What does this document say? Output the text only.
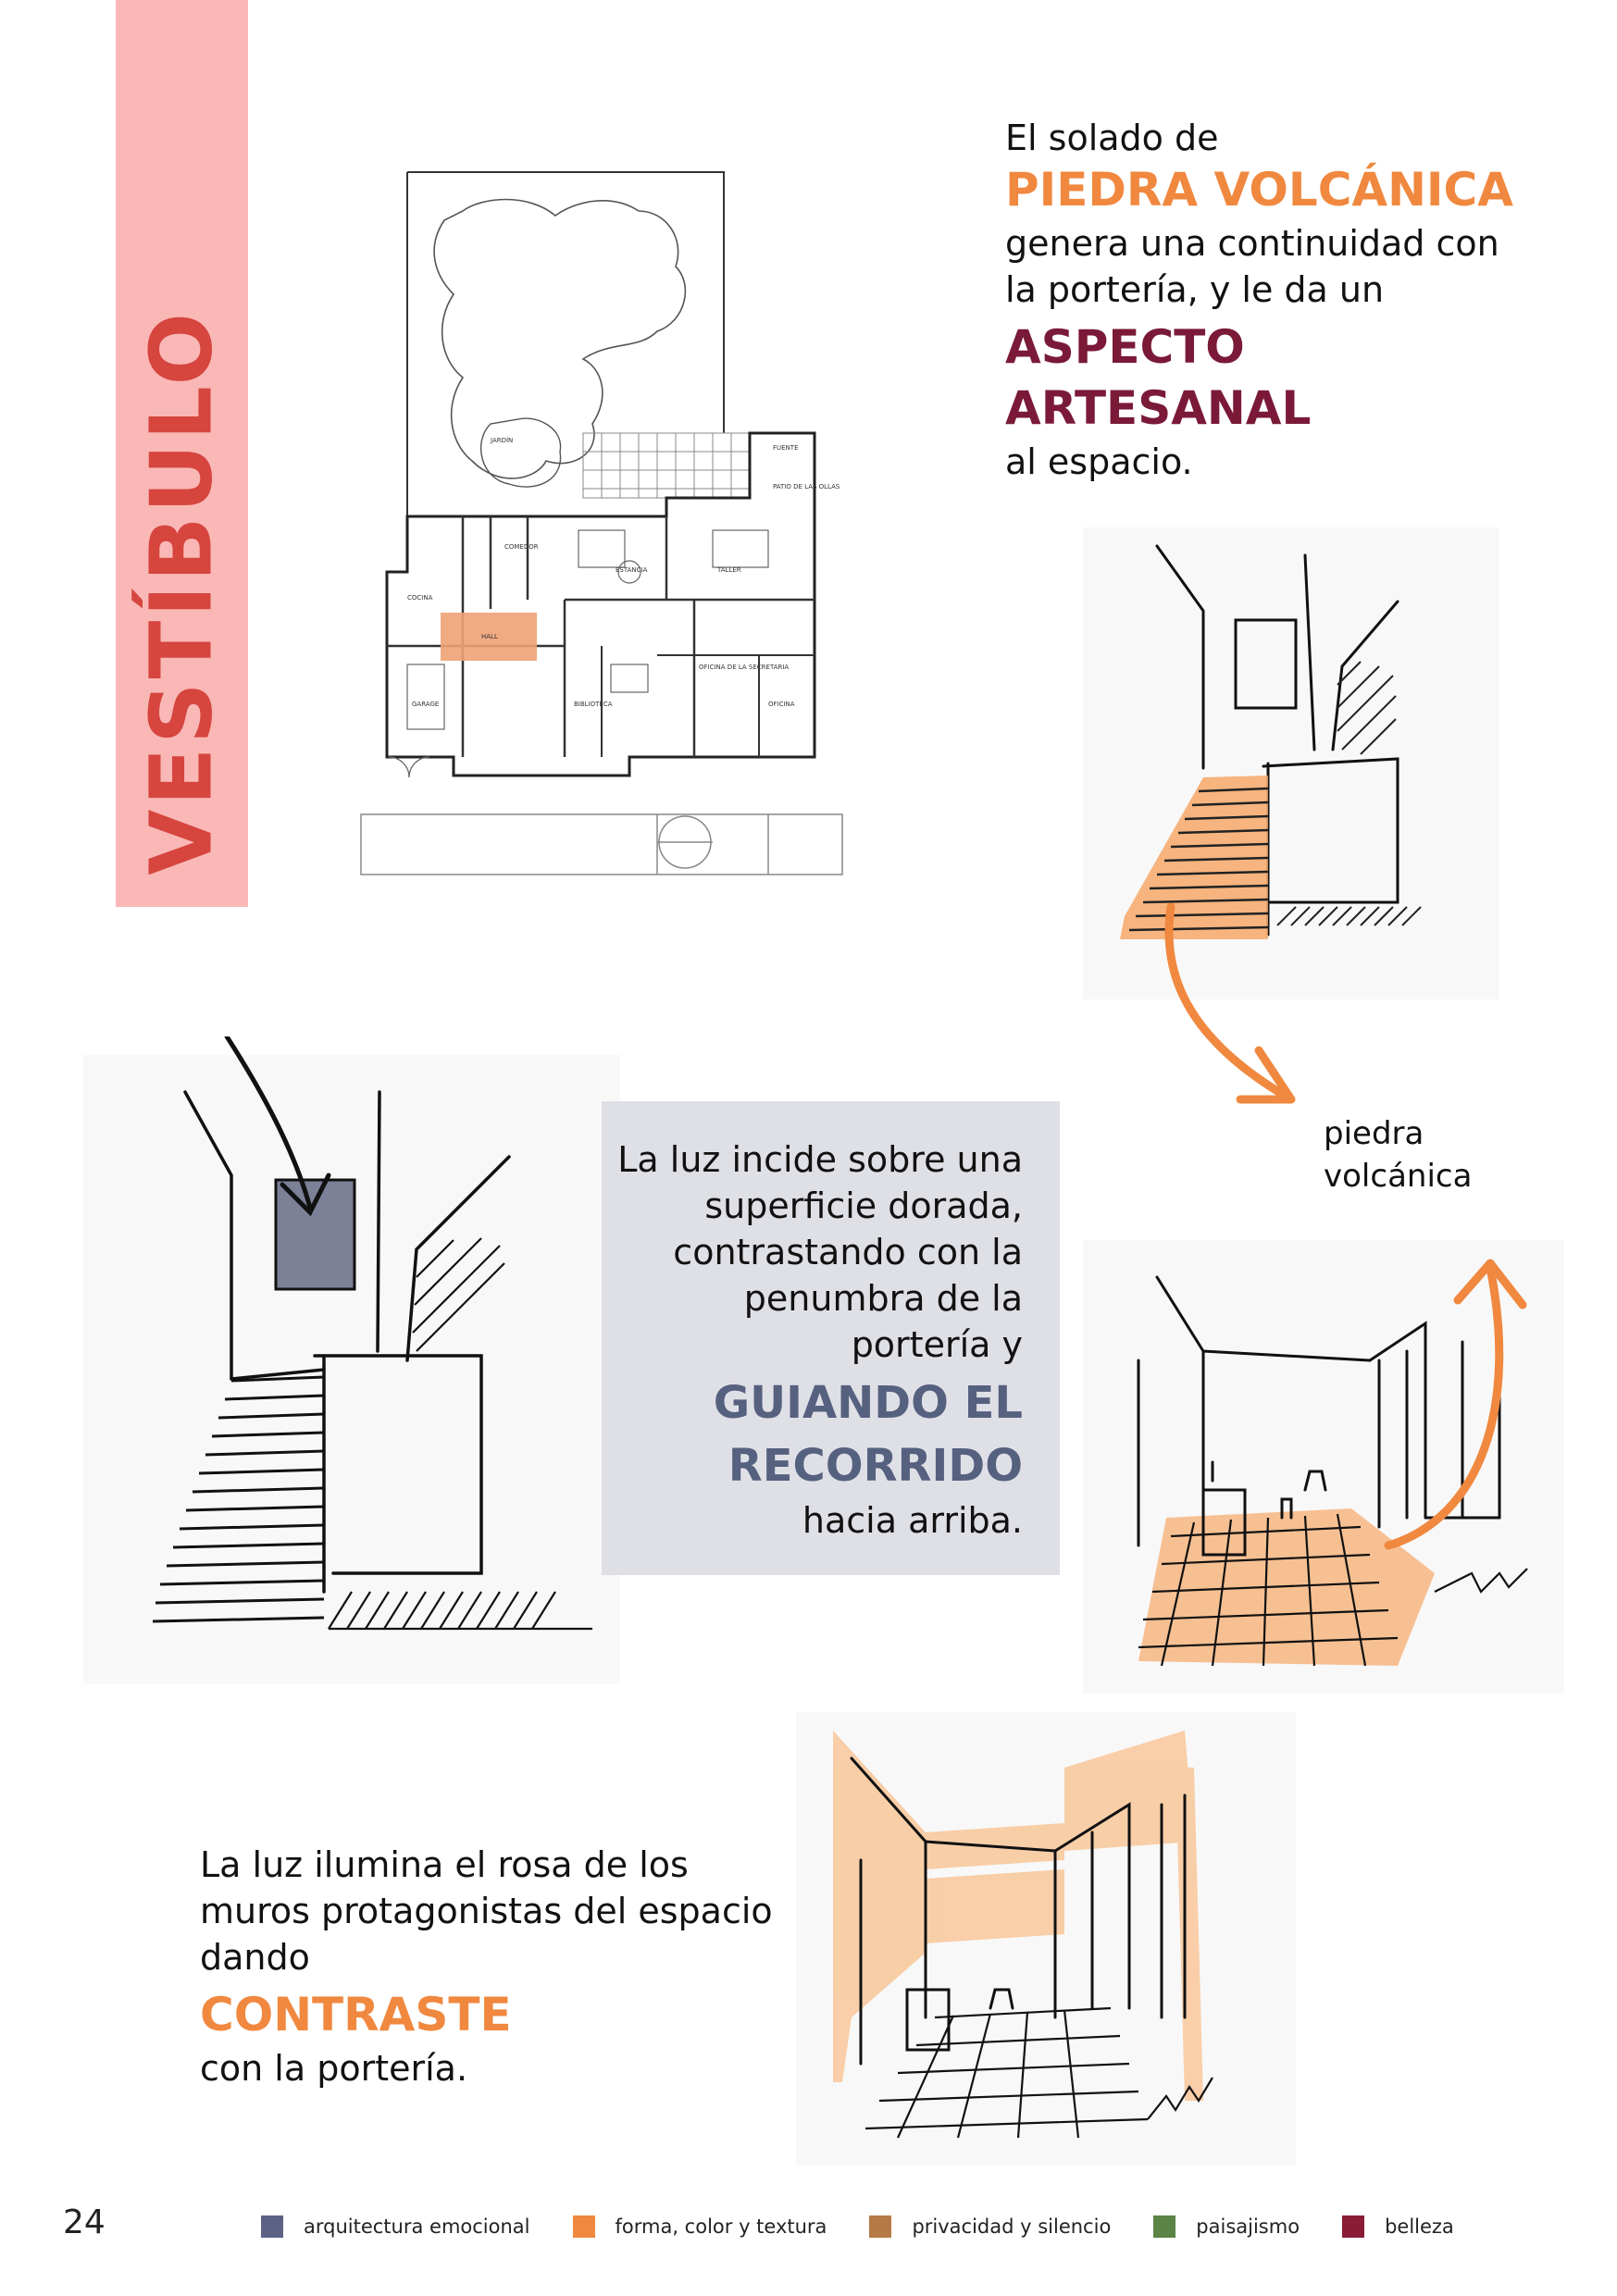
VESTÍBULO	JARDÍN
FUENTE
PATIO DE LAS OLLAS
COMEDOR
ESTANCIA	TALLER
COCINA
HALL
GARAGE	BIBLIOTECA
OFICINA DE LA SECRETARIA
OFICINA
El solado de
PIEDRA VOLCÁNICA
genera una continuidad con
la portería, y le da un
ASPECTO
ARTESANAL
al espacio.
piedra
volcánica
La luz incide sobre una
superficie dorada,
contrastando con la
penumbra de la
portería y
GUIANDO EL
RECORRIDO
hacia arriba.
La luz ilumina el rosa de los
muros protagonistas del espacio
dando
CONTRASTE
con la portería.
24	arquitectura emocional	forma, color y textura	privacidad y silencio	paisajismo	belleza
